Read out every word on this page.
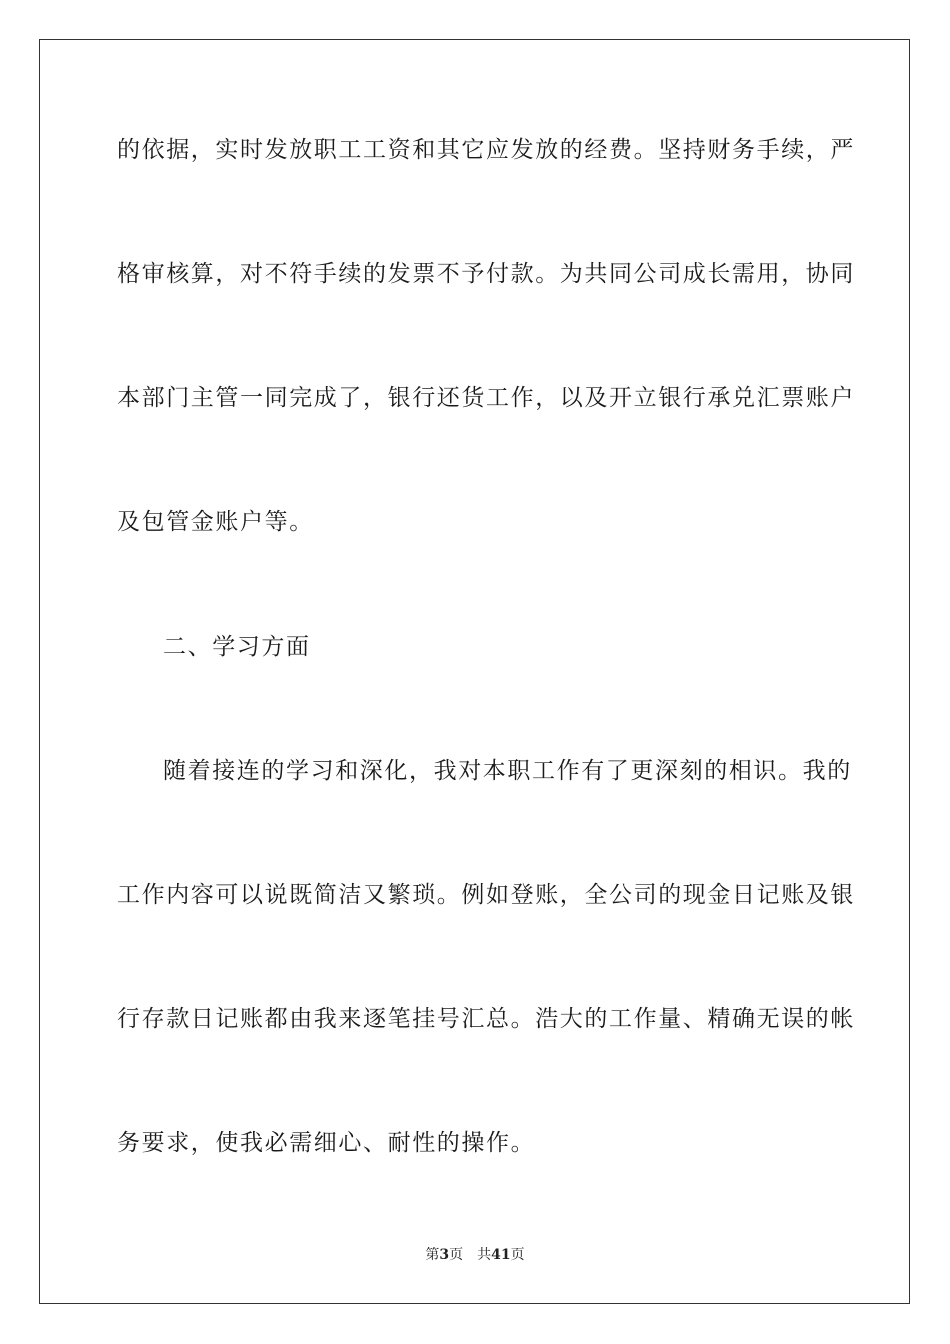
的依据，实时发放职工工资和其它应发放的经费。坚持财务手续，严
格审核算，对不符手续的发票不予付款。为共同公司成长需用，协同
本部门主管一同完成了，银行还货工作，以及开立银行承兑汇票账户
及包管金账户等。
二、学习方面
随着接连的学习和深化，我对本职工作有了更深刻的相识。我的
工作内容可以说既简洁又繁琐。例如登账，全公司的现金日记账及银
行存款日记账都由我来逐笔挂号汇总。浩大的工作量、精确无误的帐
务要求，使我必需细心、耐性的操作。
第3页 共41页
